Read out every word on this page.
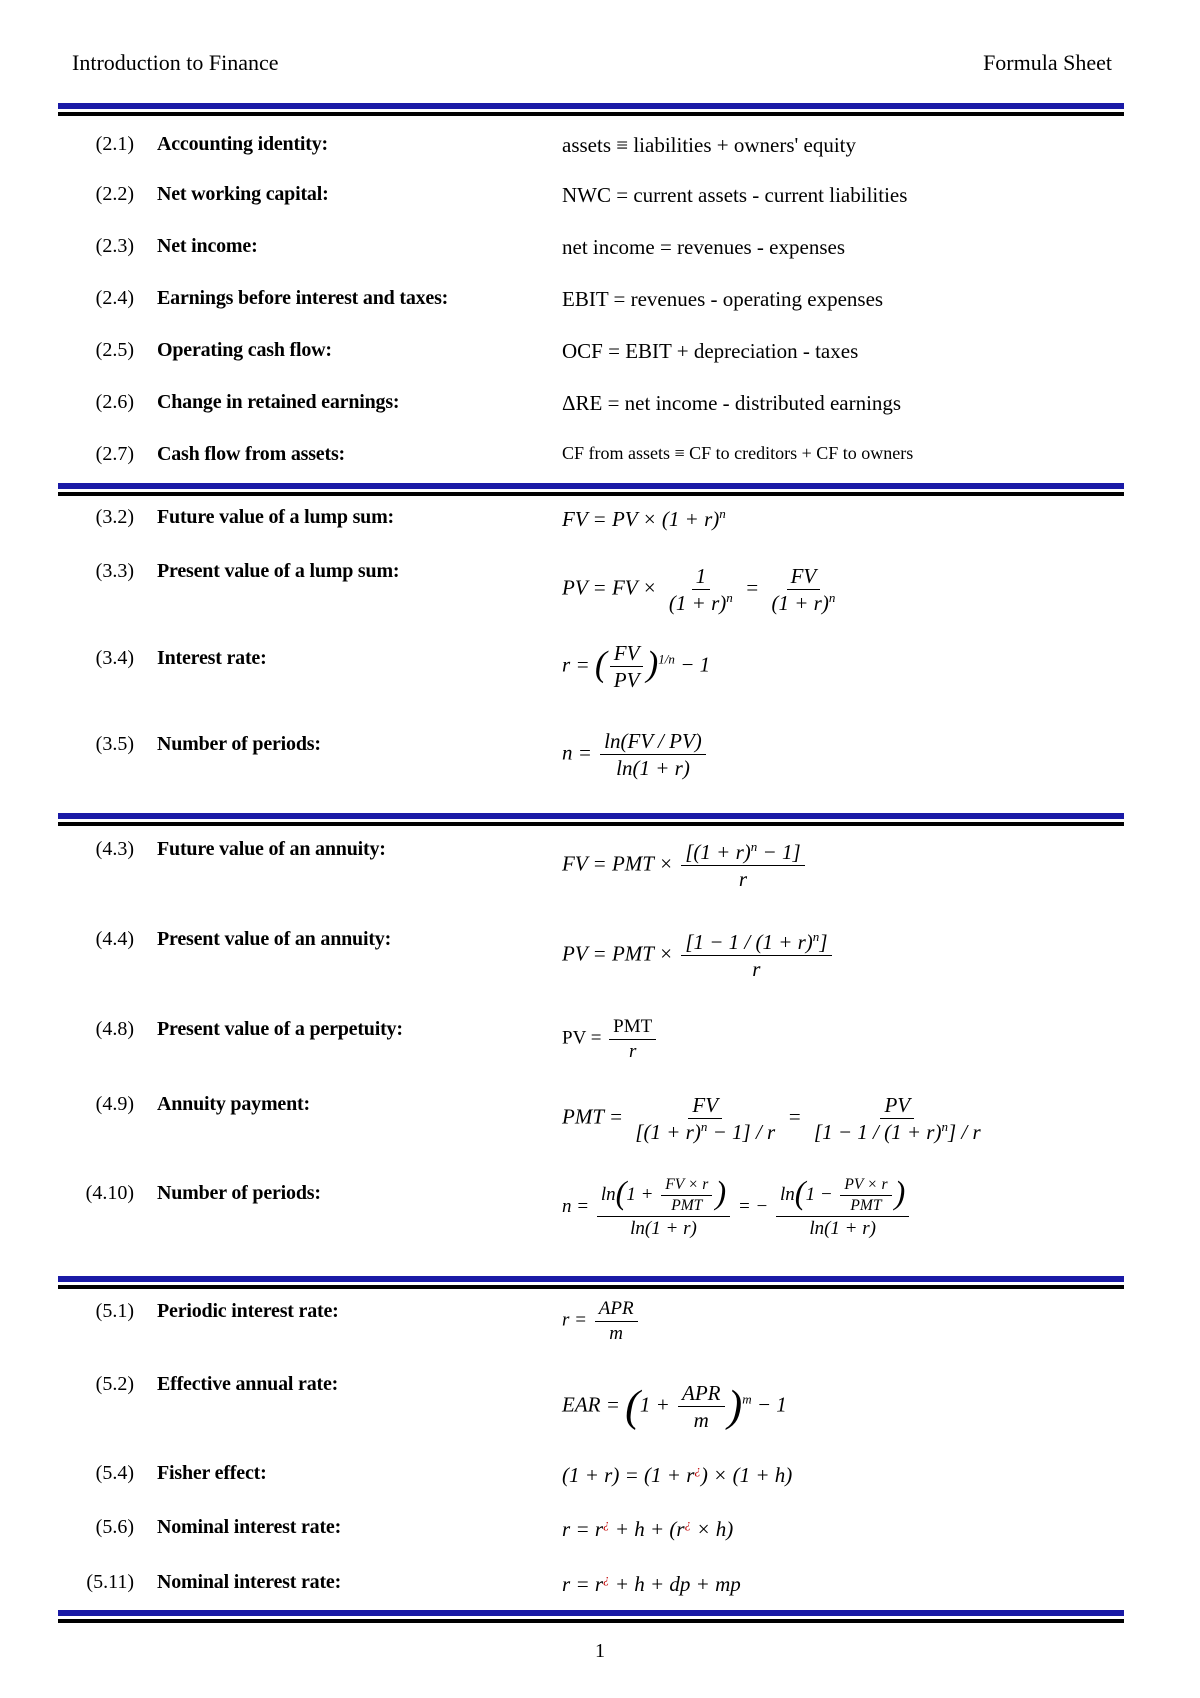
Introduction to Finance	Formula Sheet
(2.1) Accounting identity:	assets ≡ liabilities + owners' equity
(2.2) Net working capital:	NWC = current assets - current liabilities
(2.3) Net income:	net income = revenues - expenses
(2.4) Earnings before interest and taxes:	EBIT = revenues - operating expenses
(2.5) Operating cash flow:	OCF = EBIT + depreciation - taxes
(2.6) Change in retained earnings:	ΔRE = net income - distributed earnings
(2.7) Cash flow from assets:	CF from assets ≡ CF to creditors + CF to owners
(3.2) Future value of a lump sum:	FV = PV × $(1 + r)^n$
(3.3) Present value of a lump sum:
PV = FV × $\frac{1}{(1 + r)^n} = \frac{FV}{(1 + r)^n}$
(3.4) Interest rate:	r = ( $\frac{FV}{PV} )^{1/n} - 1$
(3.5) Number of periods:	$n = \frac{\ln(FV / PV)}{\ln(1 + r)}$
(4.3) Future value of an annuity:
FV = PMT × $\frac{[(1 + r)^n - 1]}{r}$
(4.4) Present value of an annuity:
PV = PMT × $\frac{[1 - 1 / (1 + r)^n]}{r}$
(4.8) Present value of a perpetuity:	PV = $\frac{\text{PMT}}{r}$
(4.9) Annuity payment:
PMT = $\frac{FV}{[(1 + r)^n - 1] / r} = \frac{PV}{[1 - 1 / (1 + r)^n] / r}$
(4.10) Number of periods:
$n = \frac{\ln(1 + \frac{FV \times r}{\text{PMT}} )}{\ln(1 + r)}$ = − $\frac{\ln(1 - \frac{PV \times r}{\text{PMT}} )}{\ln(1 + r)}$
(5.1) Periodic interest rate:	$r = \frac{\text{APR}}{m}$
(5.2) Effective annual rate:
EAR = $(1 + \frac{\text{APR}}{m} )^m - 1$
(5.4) Fisher effect:	(1 + r) = (1 + r¿) × (1 + h)
(5.6) Nominal interest rate:	r = r¿ + h + (r¿ × h)
(5.11) Nominal interest rate:	r = r¿ + h + dp + mp
1
